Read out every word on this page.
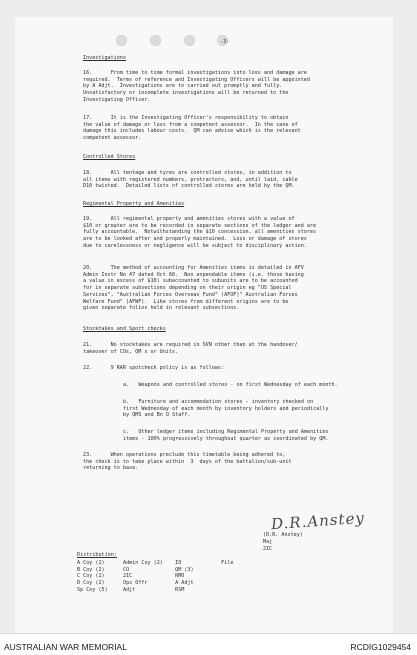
-3-

Investigations

16.      From time to time formal investigations into loss and damage are
required.  Terms of reference and Investigating Officers will be appointed
by A Adjt.  Investigations are to carried out promptly and fully.
Unsatisfactory or incomplete investigations will be returned to the
Investigating Officer.

17.      It is the Investigating Officer's responsibility to obtain
the value of damage or loss from a competent assessor.  In the case of
damage this includes labour costs.  QM can advise which is the relevant
competent assessor.

Controlled Stores

18.      All tentage and tyres are controlled stores, in addition to
all items with registered numbers, protractors, and, until laid, cable
D10 twisted.  Detailed lists of controlled stores are held by the QM.

Regimental Property and Amenities

19.      All regimental property and amenities stores with a value of
$10 or greater are to be recorded in separate sections of the ledger and are
fully accountable.  Notwithstanding the $10 concession, all amenities stores
are to be looked after and properly maintained.  Loss or damage of stores
due to carelessness or negligence will be subject to disciplinary action.

20.      The method of accounting for Amenities items is detailed in AFV
Admin Instr No 47 dated Oct 68.  Non expendable items (i.e. those having
a value in excess of $10) subaccounted to subunits are to be accounted
for in separate subsections depending on their origin eg "US Special
Services", "Australian Forces Overseas Fund" (AFOF)" Australian Forces
Welfare Fund" (AFWF).  Like stores from different origins are to be
given separate folios held in relevant subsections.

Stocktakes and Sport checks

21.      No stocktakes are required in SVN other than at the handover/
takeover of COs, QM s or Units.

22.      9 RAR spotcheck policy is as follows:

a.   Weapons and controlled stores - on first Wednesday of each month.

b.   Furniture and accommodation stores - inventory checked on
first Wednesday of each month by inventory holders and periodically
by QMS and Bn Q Staff.

c.   Other ledger items including Regimental Property and Amenities
items - 100% progressively throughout quarter as coordinated by QM.

23.      When operations preclude this timetable being adhered to,
the check is to take place within  3  days of the battalion/sub-unit
returning to base.

D.R.Anstey

(D.R. Anstey)

Maj

2IC

Distribution:

A Coy (2)      Admin Coy (2)    IO             File
B Coy (2)      CO               QM (3)
C Coy (2)      2IC              RMO
D Coy (2)      Ops Offr         A Adjt
Sp Coy (5)     Adjt             RSM

AUSTRALIAN WAR MEMORIAL	RCDIG1029454
